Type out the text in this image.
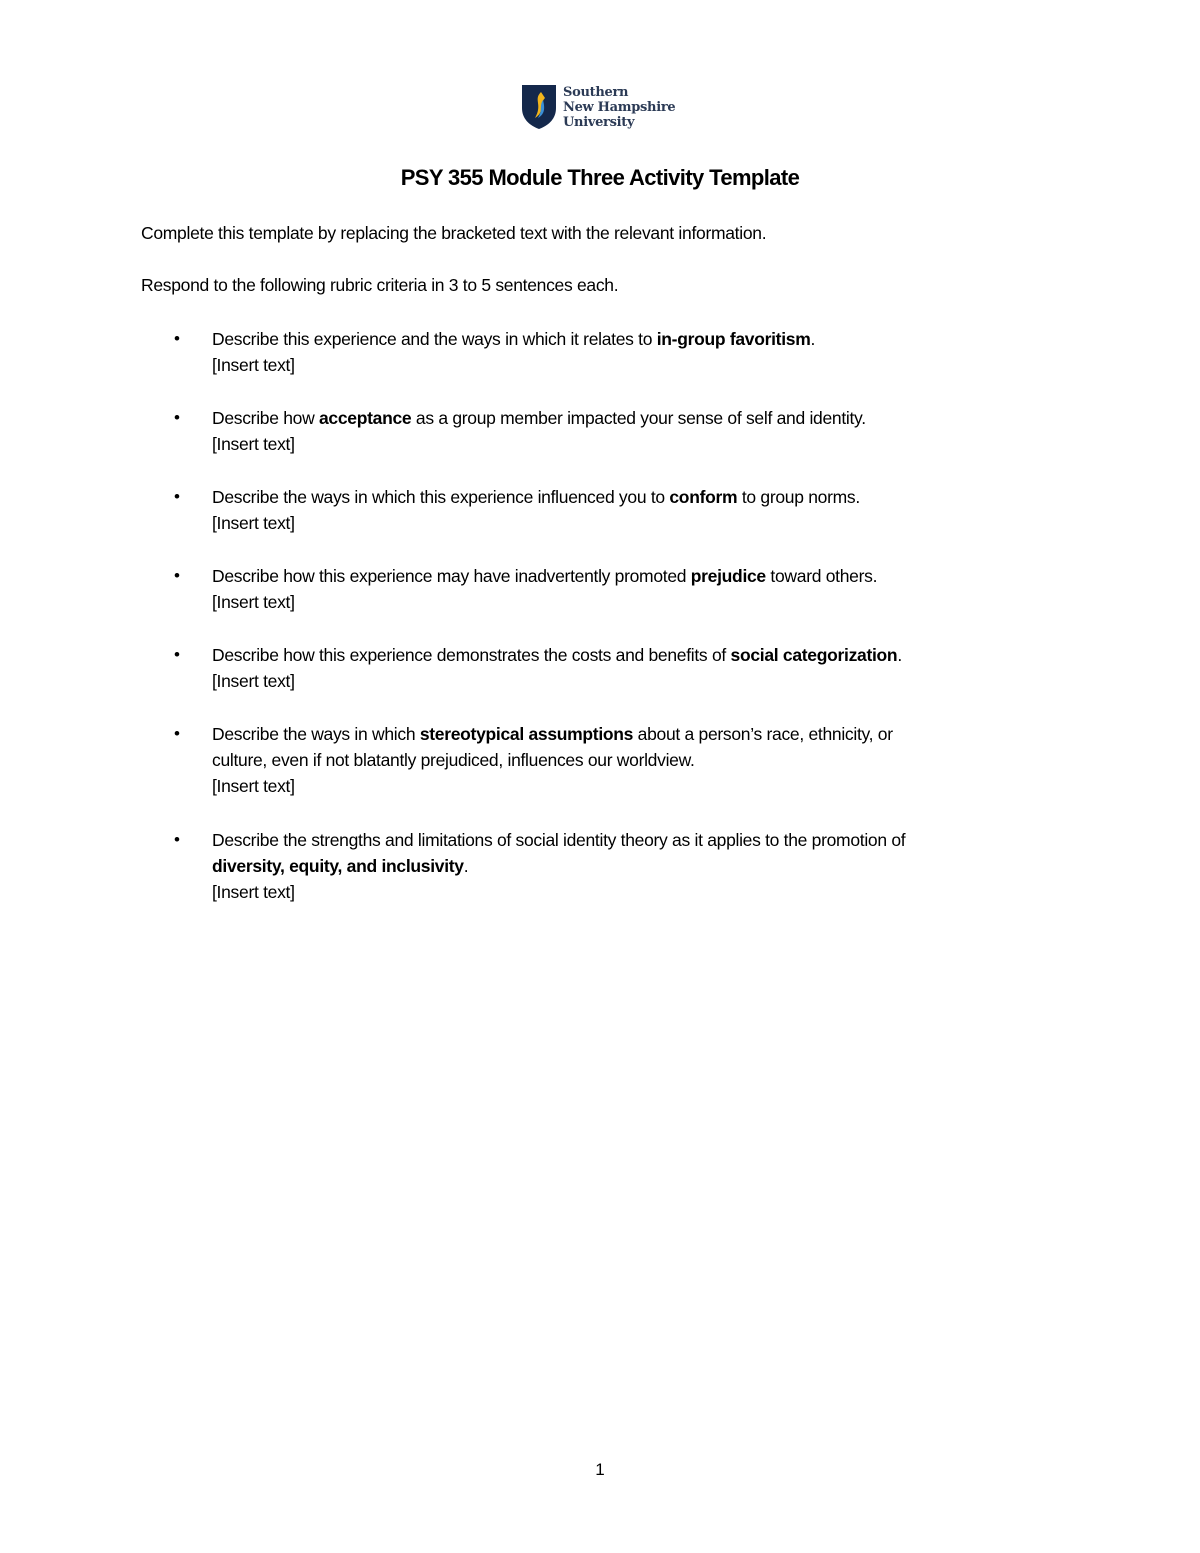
Southern
New Hampshire
University
PSY 355 Module Three Activity Template
Complete this template by replacing the bracketed text with the relevant information.
Respond to the following rubric criteria in 3 to 5 sentences each.
• Describe this experience and the ways in which it relates to in-group favoritism.
[Insert text]
• Describe how acceptance as a group member impacted your sense of self and identity.
[Insert text]
• Describe the ways in which this experience influenced you to conform to group norms.
[Insert text]
• Describe how this experience may have inadvertently promoted prejudice toward others.
[Insert text]
• Describe how this experience demonstrates the costs and benefits of social categorization.
[Insert text]
• Describe the ways in which stereotypical assumptions about a person’s race, ethnicity, or
culture, even if not blatantly prejudiced, influences our worldview.
[Insert text]
• Describe the strengths and limitations of social identity theory as it applies to the promotion of
diversity, equity, and inclusivity.
[Insert text]
1
